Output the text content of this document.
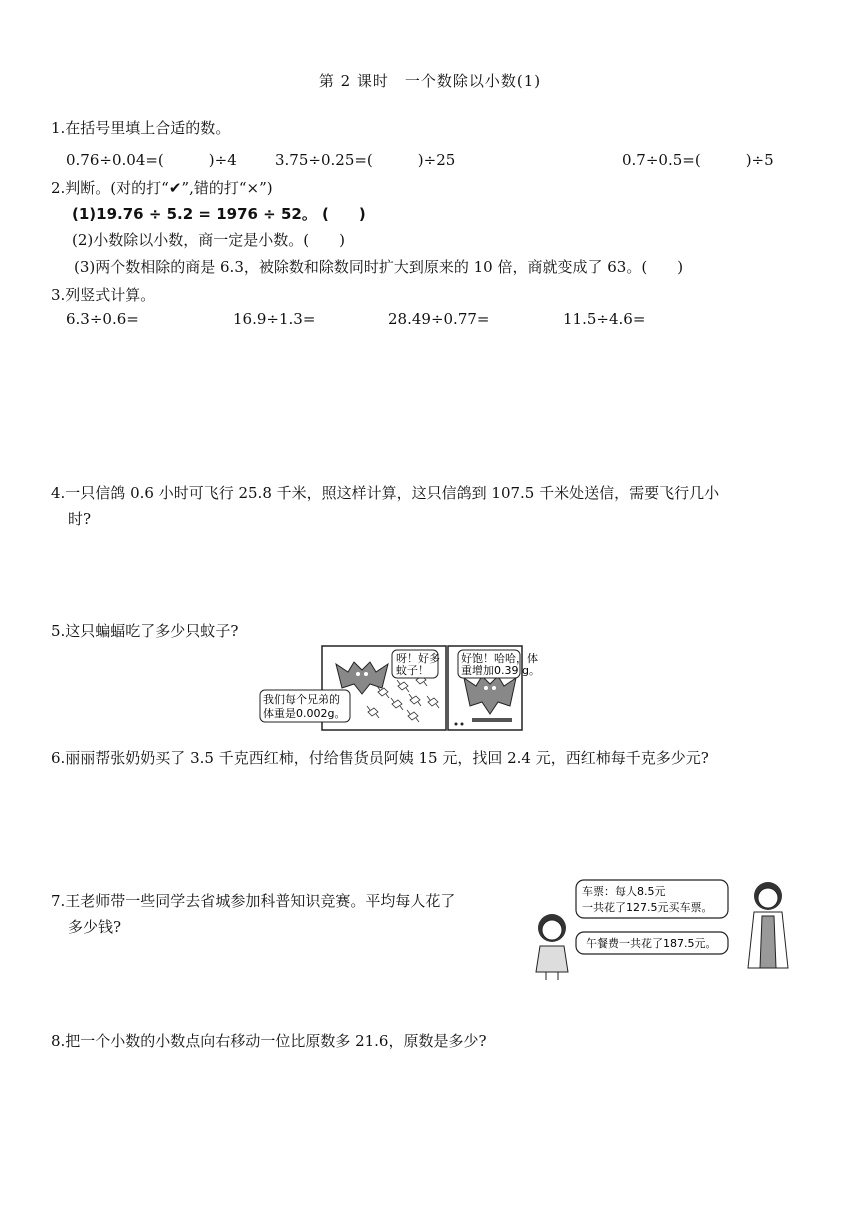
第 2 课时　一个数除以小数(1)
1.在括号里填上合适的数。
0.76÷0.04=(　　　)÷4	3.75÷0.25=(　　　)÷25	0.7÷0.5=(　　　)÷5
2.判断。(对的打“✔”,错的打“×”)
(1)19.76 ÷ 5.2 = 1976 ÷ 52。 (　　)
(2)小数除以小数，商一定是小数。(　　)
(3)两个数相除的商是 6.3，被除数和除数同时扩大到原来的 10 倍，商就变成了 63。(　　)
3.列竖式计算。
6.3÷0.6=	16.9÷1.3=	28.49÷0.77=	11.5÷4.6=
4.一只信鸽 0.6 小时可飞行 25.8 千米，照这样计算，这只信鸽到 107.5 千米处送信，需要飞行几小
时?
5.这只蝙蝠吃了多少只蚊子?
呀！好多
蚊子！
我们每个兄弟的
体重是0.002g。
好饱！哈哈，体
重增加0.39 g。
6.丽丽帮张奶奶买了 3.5 千克西红柿，付给售货员阿姨 15 元，找回 2.4 元，西红柿每千克多少元?
7.王老师带一些同学去省城参加科普知识竞赛。平均每人花了
多少钱?
车票：每人8.5元
一共花了127.5元买车票。
午餐费一共花了187.5元。
8.把一个小数的小数点向右移动一位比原数多 21.6，原数是多少?
